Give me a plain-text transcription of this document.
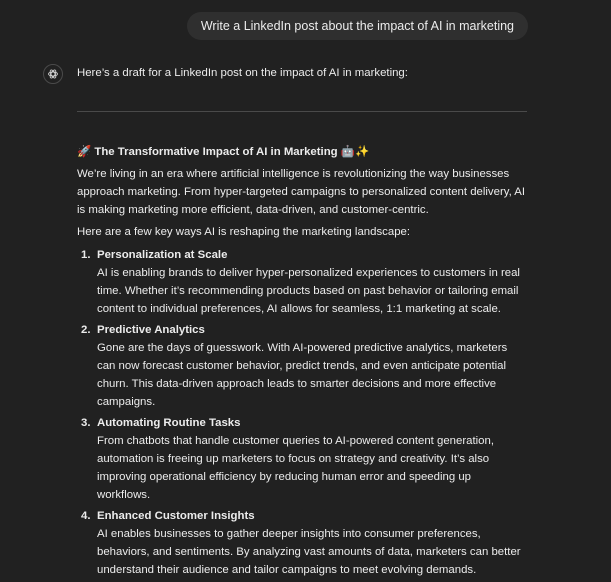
Write a LinkedIn post about the impact of AI in marketing

Here’s a draft for a LinkedIn post on the impact of AI in marketing:

🚀 The Transformative Impact of AI in Marketing 🤖✨
We’re living in an era where artificial intelligence is revolutionizing the way businesses approach marketing. From hyper-targeted campaigns to personalized content delivery, AI is making marketing more efficient, data-driven, and customer-centric.
Here are a few key ways AI is reshaping the marketing landscape:
1. Personalization at Scale
AI is enabling brands to deliver hyper-personalized experiences to customers in real time. Whether it’s recommending products based on past behavior or tailoring email content to individual preferences, AI allows for seamless, 1:1 marketing at scale.
2. Predictive Analytics
Gone are the days of guesswork. With AI-powered predictive analytics, marketers can now forecast customer behavior, predict trends, and even anticipate potential churn. This data-driven approach leads to smarter decisions and more effective campaigns.
3. Automating Routine Tasks
From chatbots that handle customer queries to AI-powered content generation, automation is freeing up marketers to focus on strategy and creativity. It’s also improving operational efficiency by reducing human error and speeding up workflows.
4. Enhanced Customer Insights
AI enables businesses to gather deeper insights into consumer preferences, behaviors, and sentiments. By analyzing vast amounts of data, marketers can better understand their audience and tailor campaigns to meet evolving demands.
